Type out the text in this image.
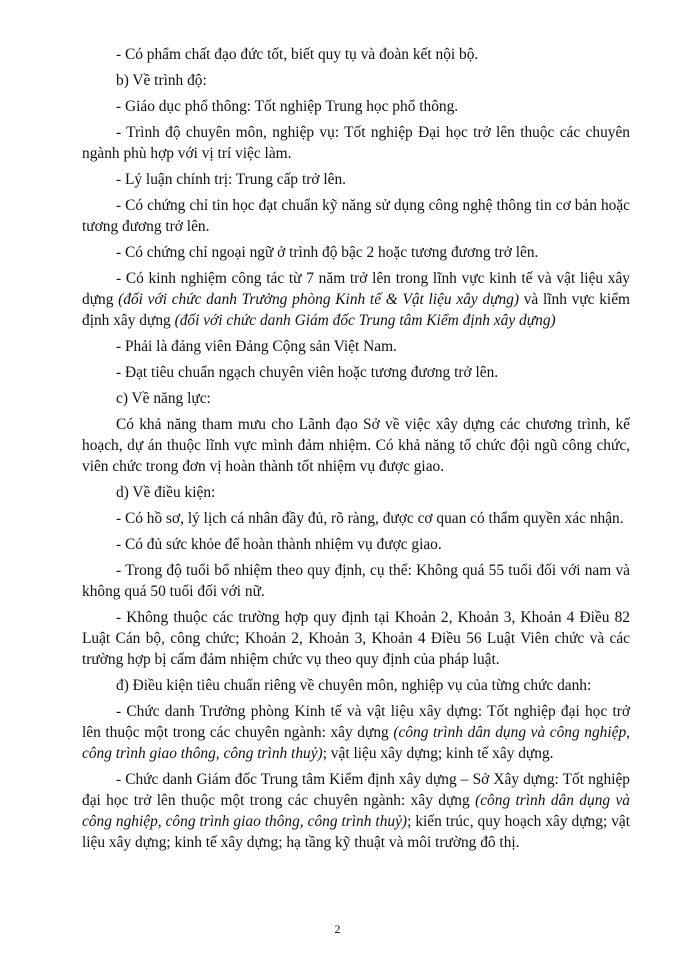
- Có phẩm chất đạo đức tốt, biết quy tụ và đoàn kết nội bộ.

b) Về trình độ:

- Giáo dục phổ thông: Tốt nghiệp Trung học phổ thông.

- Trình độ chuyên môn, nghiệp vụ: Tốt nghiệp Đại học trở lên thuộc các chuyên ngành phù hợp với vị trí việc làm.

- Lý luận chính trị: Trung cấp trở lên.

- Có chứng chỉ tin học đạt chuẩn kỹ năng sử dụng công nghệ thông tin cơ bản hoặc tương đương trở lên.

- Có chứng chỉ ngoại ngữ ở trình độ bậc 2 hoặc tương đương trở lên.

- Có kinh nghiệm công tác từ 7 năm trở lên trong lĩnh vực kinh tế và vật liệu xây dựng (đối với chức danh Trưởng phòng Kinh tế & Vật liệu xây dựng) và lĩnh vực kiểm định xây dựng (đối với chức danh Giám đốc Trung tâm Kiểm định xây dựng)

- Phải là đảng viên Đảng Cộng sản Việt Nam.

- Đạt tiêu chuẩn ngạch chuyên viên hoặc tương đương trở lên.

c) Về năng lực:

Có khả năng tham mưu cho Lãnh đạo Sở về việc xây dựng các chương trình, kế hoạch, dự án thuộc lĩnh vực mình đảm nhiệm. Có khả năng tổ chức đội ngũ công chức, viên chức trong đơn vị hoàn thành tốt nhiệm vụ được giao.

d) Về điều kiện:

- Có hồ sơ, lý lịch cá nhân đầy đủ, rõ ràng, được cơ quan có thẩm quyền xác nhận.

- Có đủ sức khỏe để hoàn thành nhiệm vụ được giao.

- Trong độ tuổi bổ nhiệm theo quy định, cụ thể: Không quá 55 tuổi đối với nam và không quá 50 tuổi đối với nữ.

- Không thuộc các trường hợp quy định tại Khoản 2, Khoản 3, Khoản 4 Điều 82 Luật Cán bộ, công chức; Khoản 2, Khoản 3, Khoản 4 Điều 56 Luật Viên chức và các trường hợp bị cấm đảm nhiệm chức vụ theo quy định của pháp luật.

đ) Điều kiện tiêu chuẩn riêng về chuyên môn, nghiệp vụ của từng chức danh:

- Chức danh Trưởng phòng Kinh tế và vật liệu xây dựng: Tốt nghiệp đại học trở lên thuộc một trong các chuyên ngành: xây dựng (công trình dân dụng và công nghiệp, công trình giao thông, công trình thuỷ); vật liệu xây dựng; kinh tế xây dựng.

- Chức danh Giám đốc Trung tâm Kiểm định xây dựng – Sở Xây dựng: Tốt nghiệp đại học trở lên thuộc một trong các chuyên ngành: xây dựng (công trình dân dụng và công nghiệp, công trình giao thông, công trình thuỷ); kiến trúc, quy hoạch xây dựng; vật liệu xây dựng; kinh tế xây dựng; hạ tầng kỹ thuật và môi trường đô thị.

2
